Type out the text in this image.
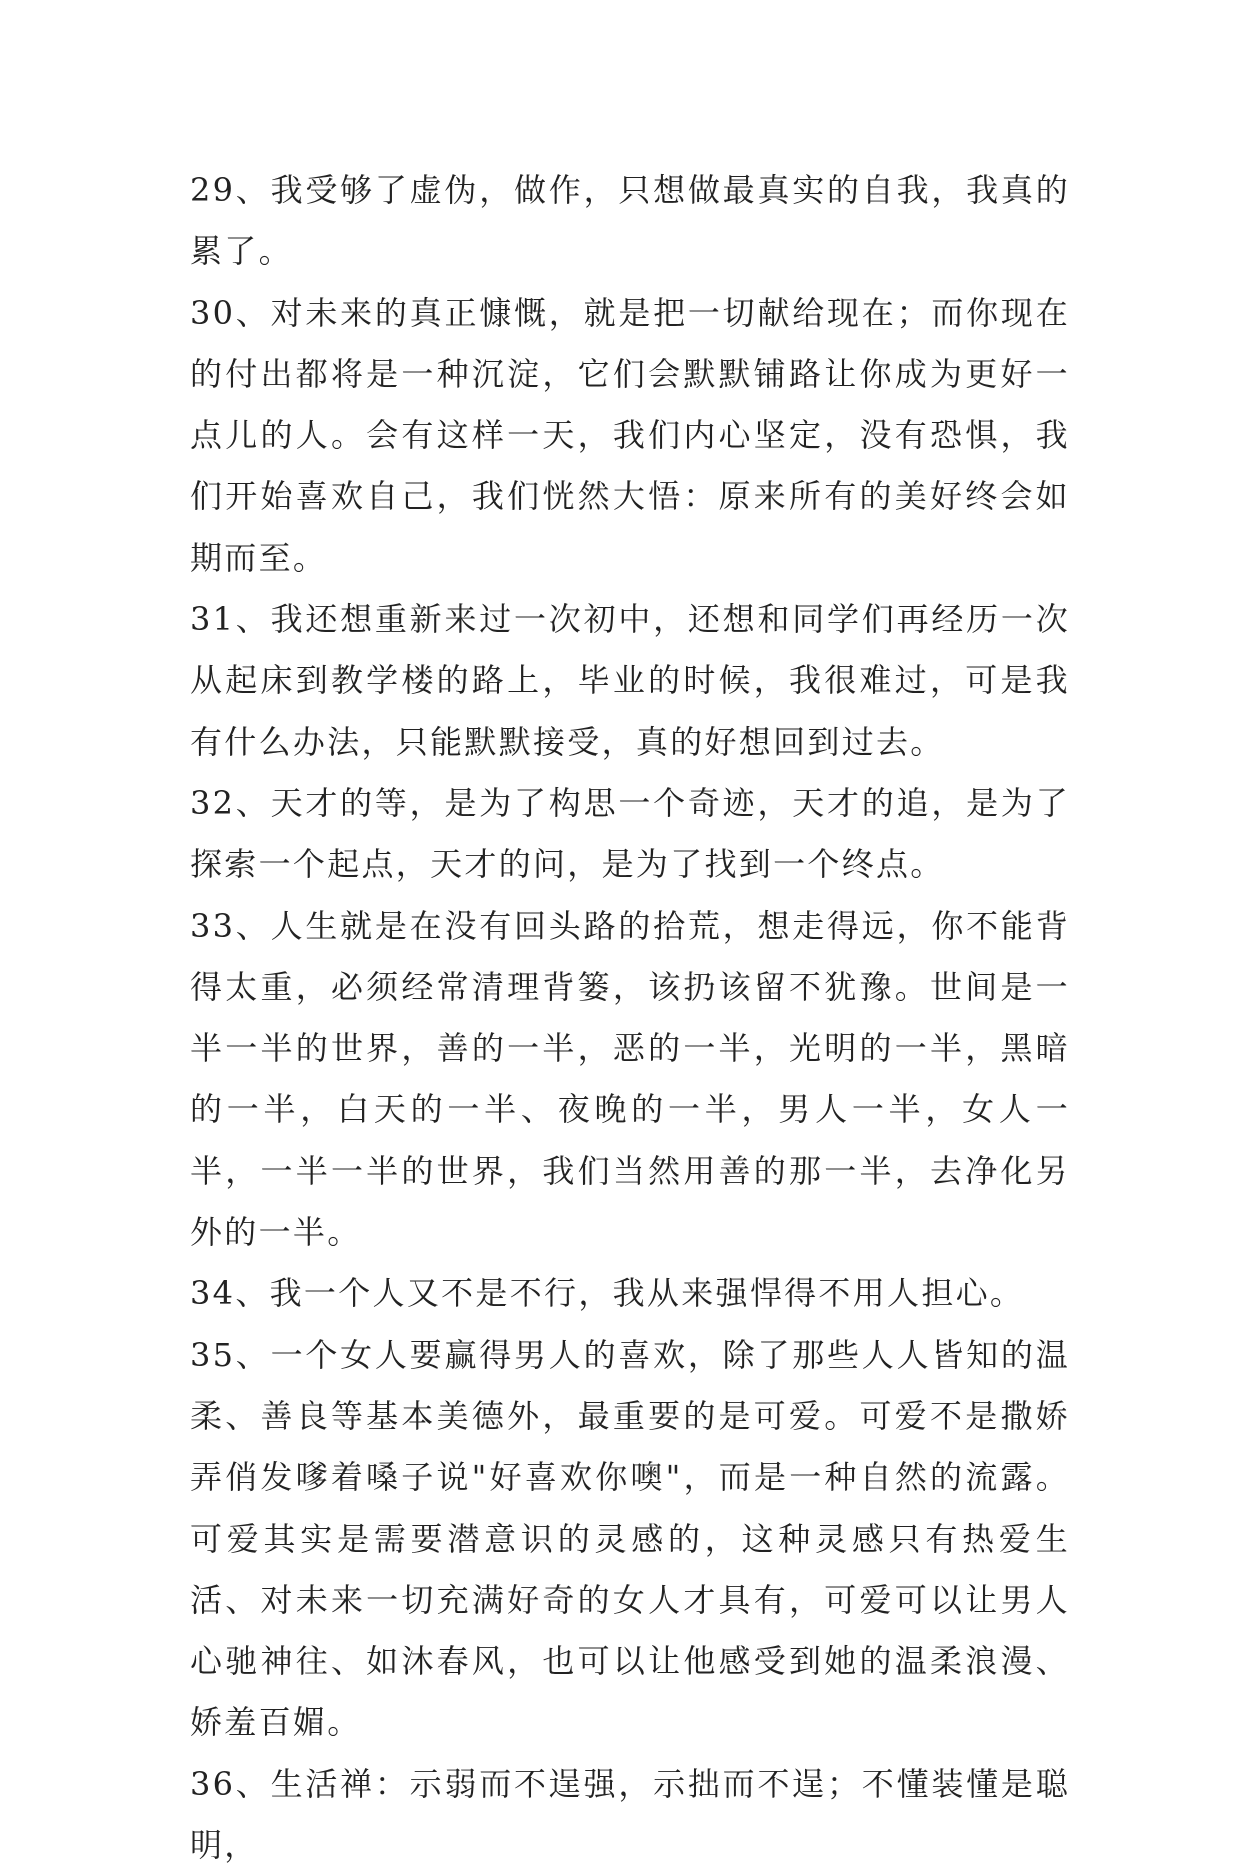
29、我受够了虚伪，做作，只想做最真实的自我，我真的累了。

30、对未来的真正慷慨，就是把一切献给现在；而你现在的付出都将是一种沉淀，它们会默默铺路让你成为更好一点儿的人。会有这样一天，我们内心坚定，没有恐惧，我们开始喜欢自己，我们恍然大悟：原来所有的美好终会如期而至。

31、我还想重新来过一次初中，还想和同学们再经历一次从起床到教学楼的路上，毕业的时候，我很难过，可是我有什么办法，只能默默接受，真的好想回到过去。

32、天才的等，是为了构思一个奇迹，天才的追，是为了探索一个起点，天才的问，是为了找到一个终点。

33、人生就是在没有回头路的拾荒，想走得远，你不能背得太重，必须经常清理背篓，该扔该留不犹豫。世间是一半一半的世界，善的一半，恶的一半，光明的一半，黑暗的一半，白天的一半、夜晚的一半，男人一半，女人一半，一半一半的世界，我们当然用善的那一半，去净化另外的一半。

34、我一个人又不是不行，我从来强悍得不用人担心。

35、一个女人要赢得男人的喜欢，除了那些人人皆知的温柔、善良等基本美德外，最重要的是可爱。可爱不是撒娇弄俏发嗲着嗓子说"好喜欢你噢"，而是一种自然的流露。可爱其实是需要潜意识的灵感的，这种灵感只有热爱生活、对未来一切充满好奇的女人才具有，可爱可以让男人心驰神往、如沐春风，也可以让他感受到她的温柔浪漫、娇羞百媚。

36、生活禅：示弱而不逞强，示拙而不逞；不懂装懂是聪明，
